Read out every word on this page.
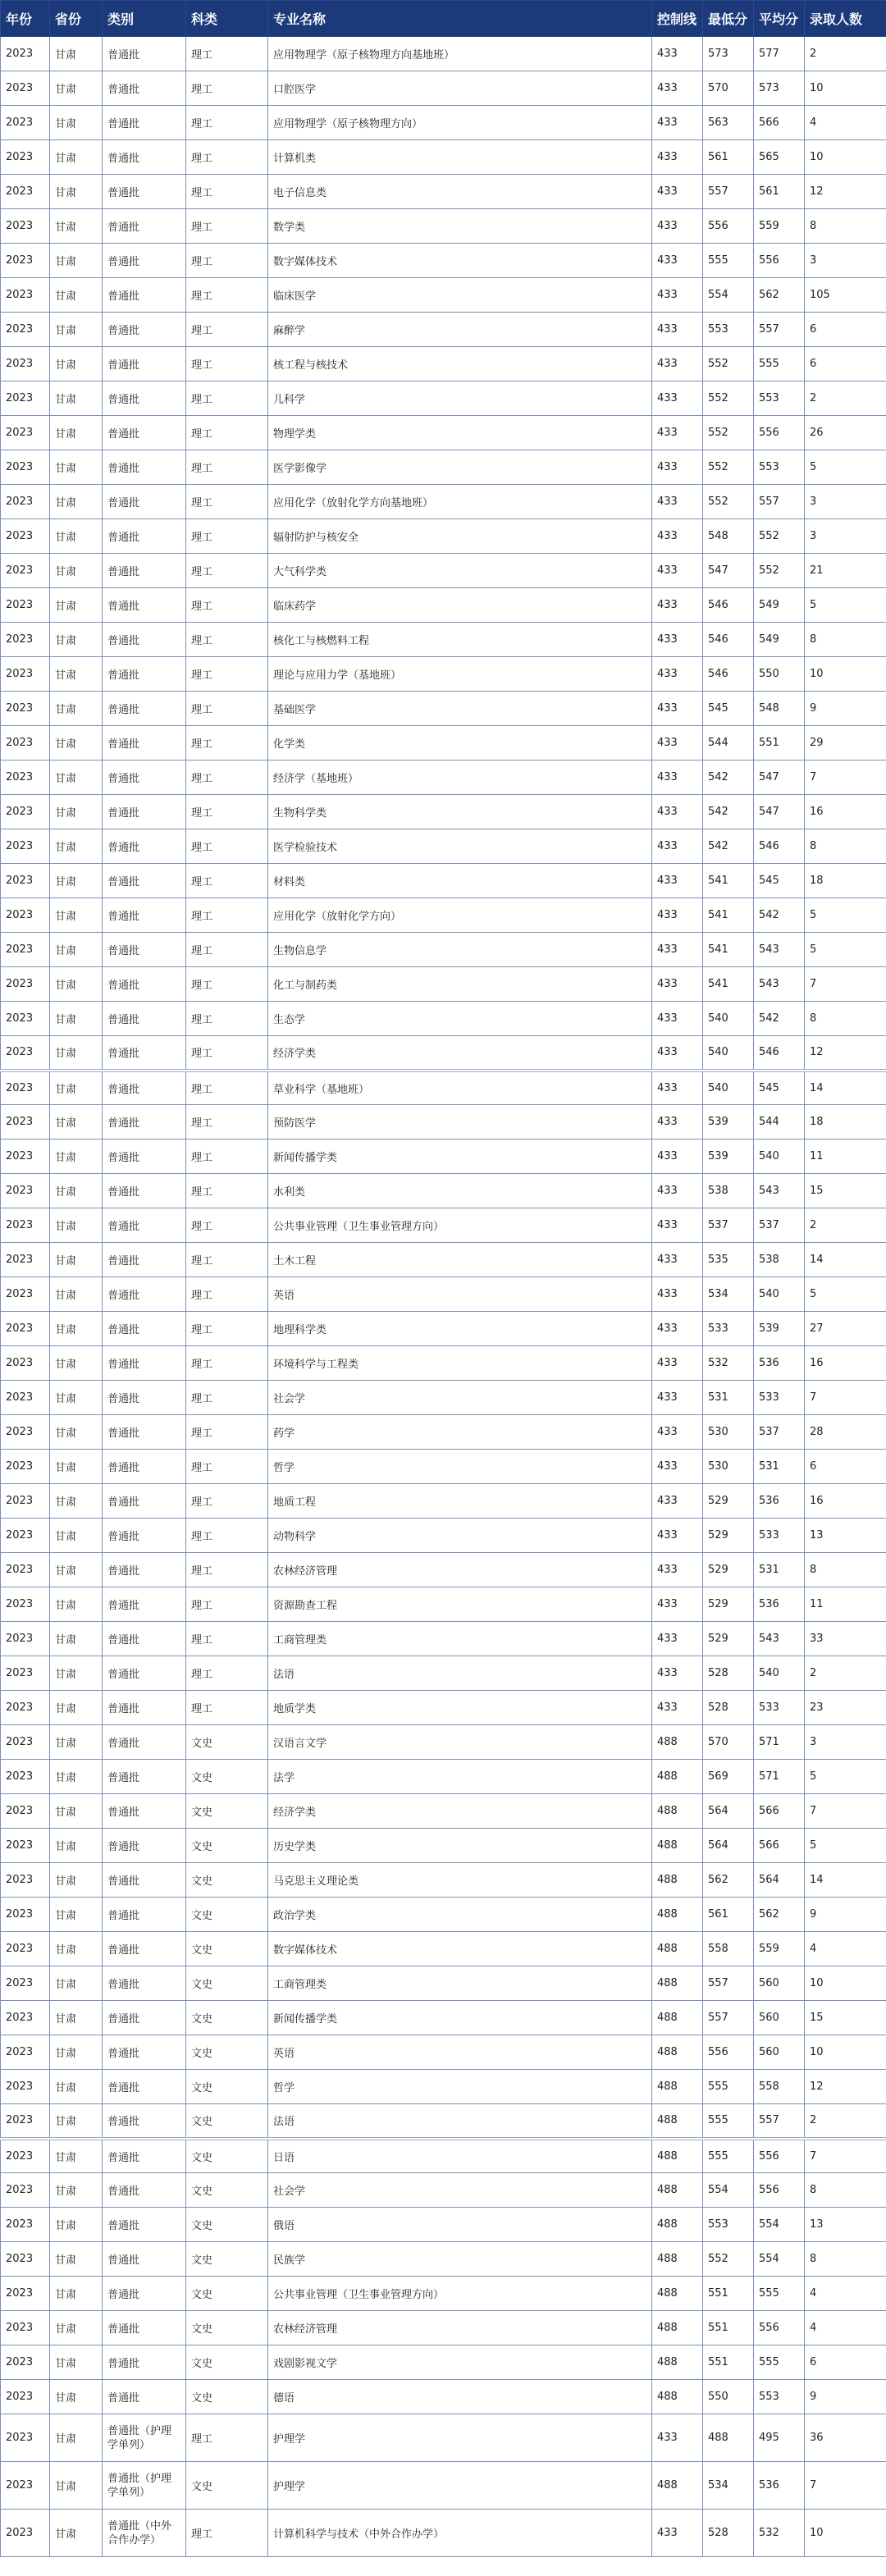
年份	省份	类别	科类	专业名称	控制线	最低分	平均分	录取人数
2023	甘肃	普通批	理工	应用物理学（原子核物理方向基地班）	433	573	577	2
2023	甘肃	普通批	理工	口腔医学	433	570	573	10
2023	甘肃	普通批	理工	应用物理学（原子核物理方向）	433	563	566	4
2023	甘肃	普通批	理工	计算机类	433	561	565	10
2023	甘肃	普通批	理工	电子信息类	433	557	561	12
2023	甘肃	普通批	理工	数学类	433	556	559	8
2023	甘肃	普通批	理工	数字媒体技术	433	555	556	3
2023	甘肃	普通批	理工	临床医学	433	554	562	105
2023	甘肃	普通批	理工	麻醉学	433	553	557	6
2023	甘肃	普通批	理工	核工程与核技术	433	552	555	6
2023	甘肃	普通批	理工	儿科学	433	552	553	2
2023	甘肃	普通批	理工	物理学类	433	552	556	26
2023	甘肃	普通批	理工	医学影像学	433	552	553	5
2023	甘肃	普通批	理工	应用化学（放射化学方向基地班）	433	552	557	3
2023	甘肃	普通批	理工	辐射防护与核安全	433	548	552	3
2023	甘肃	普通批	理工	大气科学类	433	547	552	21
2023	甘肃	普通批	理工	临床药学	433	546	549	5
2023	甘肃	普通批	理工	核化工与核燃料工程	433	546	549	8
2023	甘肃	普通批	理工	理论与应用力学（基地班）	433	546	550	10
2023	甘肃	普通批	理工	基础医学	433	545	548	9
2023	甘肃	普通批	理工	化学类	433	544	551	29
2023	甘肃	普通批	理工	经济学（基地班）	433	542	547	7
2023	甘肃	普通批	理工	生物科学类	433	542	547	16
2023	甘肃	普通批	理工	医学检验技术	433	542	546	8
2023	甘肃	普通批	理工	材料类	433	541	545	18
2023	甘肃	普通批	理工	应用化学（放射化学方向）	433	541	542	5
2023	甘肃	普通批	理工	生物信息学	433	541	543	5
2023	甘肃	普通批	理工	化工与制药类	433	541	543	7
2023	甘肃	普通批	理工	生态学	433	540	542	8
2023	甘肃	普通批	理工	经济学类	433	540	546	12
2023	甘肃	普通批	理工	草业科学（基地班）	433	540	545	14
2023	甘肃	普通批	理工	预防医学	433	539	544	18
2023	甘肃	普通批	理工	新闻传播学类	433	539	540	11
2023	甘肃	普通批	理工	水利类	433	538	543	15
2023	甘肃	普通批	理工	公共事业管理（卫生事业管理方向）	433	537	537	2
2023	甘肃	普通批	理工	土木工程	433	535	538	14
2023	甘肃	普通批	理工	英语	433	534	540	5
2023	甘肃	普通批	理工	地理科学类	433	533	539	27
2023	甘肃	普通批	理工	环境科学与工程类	433	532	536	16
2023	甘肃	普通批	理工	社会学	433	531	533	7
2023	甘肃	普通批	理工	药学	433	530	537	28
2023	甘肃	普通批	理工	哲学	433	530	531	6
2023	甘肃	普通批	理工	地质工程	433	529	536	16
2023	甘肃	普通批	理工	动物科学	433	529	533	13
2023	甘肃	普通批	理工	农林经济管理	433	529	531	8
2023	甘肃	普通批	理工	资源勘查工程	433	529	536	11
2023	甘肃	普通批	理工	工商管理类	433	529	543	33
2023	甘肃	普通批	理工	法语	433	528	540	2
2023	甘肃	普通批	理工	地质学类	433	528	533	23
2023	甘肃	普通批	文史	汉语言文学	488	570	571	3
2023	甘肃	普通批	文史	法学	488	569	571	5
2023	甘肃	普通批	文史	经济学类	488	564	566	7
2023	甘肃	普通批	文史	历史学类	488	564	566	5
2023	甘肃	普通批	文史	马克思主义理论类	488	562	564	14
2023	甘肃	普通批	文史	政治学类	488	561	562	9
2023	甘肃	普通批	文史	数字媒体技术	488	558	559	4
2023	甘肃	普通批	文史	工商管理类	488	557	560	10
2023	甘肃	普通批	文史	新闻传播学类	488	557	560	15
2023	甘肃	普通批	文史	英语	488	556	560	10
2023	甘肃	普通批	文史	哲学	488	555	558	12
2023	甘肃	普通批	文史	法语	488	555	557	2
2023	甘肃	普通批	文史	日语	488	555	556	7
2023	甘肃	普通批	文史	社会学	488	554	556	8
2023	甘肃	普通批	文史	俄语	488	553	554	13
2023	甘肃	普通批	文史	民族学	488	552	554	8
2023	甘肃	普通批	文史	公共事业管理（卫生事业管理方向）	488	551	555	4
2023	甘肃	普通批	文史	农林经济管理	488	551	556	4
2023	甘肃	普通批	文史	戏剧影视文学	488	551	555	6
2023	甘肃	普通批	文史	德语	488	550	553	9
2023	甘肃	普通批（护理学单列）	理工	护理学	433	488	495	36
2023	甘肃	普通批（护理学单列）	文史	护理学	488	534	536	7
2023	甘肃	普通批（中外合作办学）	理工	计算机科学与技术（中外合作办学）	433	528	532	10
